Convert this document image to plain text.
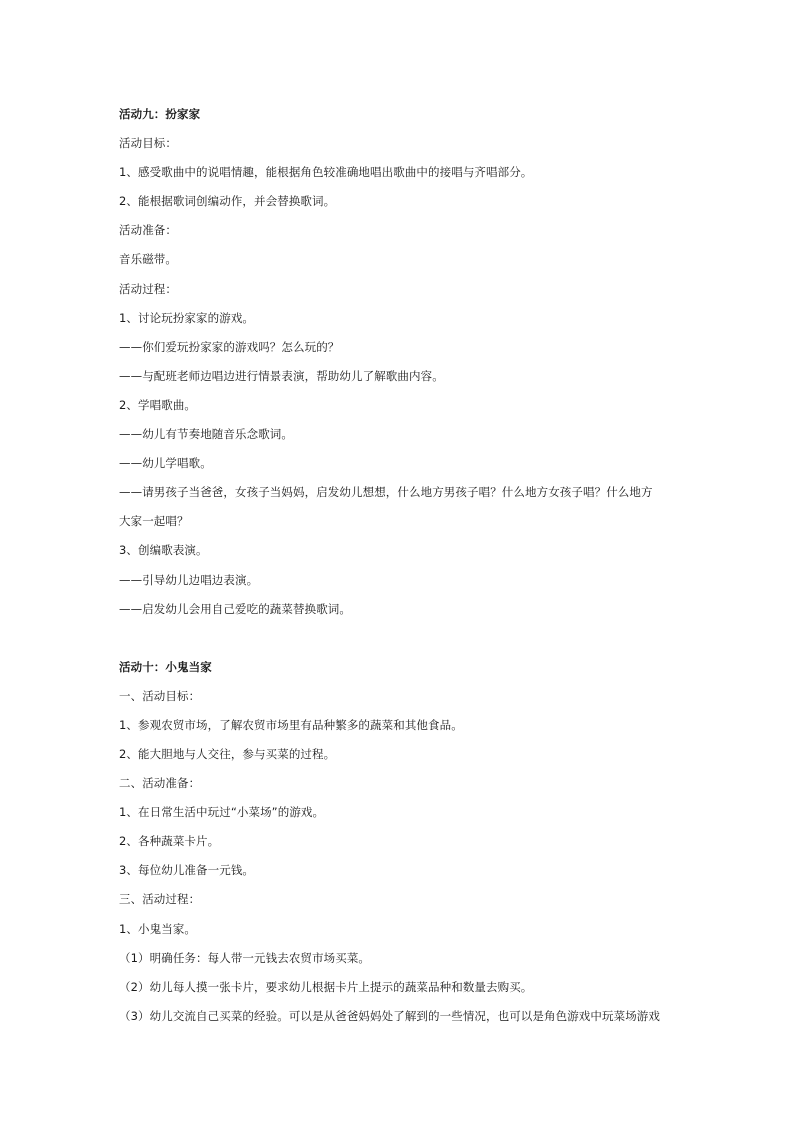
活动九：扮家家
活动目标：
1、感受歌曲中的说唱情趣，能根据角色较准确地唱出歌曲中的接唱与齐唱部分。
2、能根据歌词创编动作，并会替换歌词。
活动准备：
音乐磁带。
活动过程：
1、讨论玩扮家家的游戏。
——你们爱玩扮家家的游戏吗？怎么玩的？
——与配班老师边唱边进行情景表演，帮助幼儿了解歌曲内容。
2、学唱歌曲。
——幼儿有节奏地随音乐念歌词。
——幼儿学唱歌。
——请男孩子当爸爸，女孩子当妈妈，启发幼儿想想，什么地方男孩子唱？什么地方女孩子唱？什么地方
大家一起唱？
3、创编歌表演。
——引导幼儿边唱边表演。
——启发幼儿会用自己爱吃的蔬菜替换歌词。
活动十：小鬼当家
一、活动目标：
1、参观农贸市场，了解农贸市场里有品种繁多的蔬菜和其他食品。
2、能大胆地与人交往，参与买菜的过程。
二、活动准备：
1、在日常生活中玩过“小菜场”的游戏。
2、各种蔬菜卡片。
3、每位幼儿准备一元钱。
三、活动过程：
1、小鬼当家。
（1）明确任务：每人带一元钱去农贸市场买菜。
（2）幼儿每人摸一张卡片，要求幼儿根据卡片上提示的蔬菜品种和数量去购买。
（3）幼儿交流自己买菜的经验。可以是从爸爸妈妈处了解到的一些情况，也可以是角色游戏中玩菜场游戏
